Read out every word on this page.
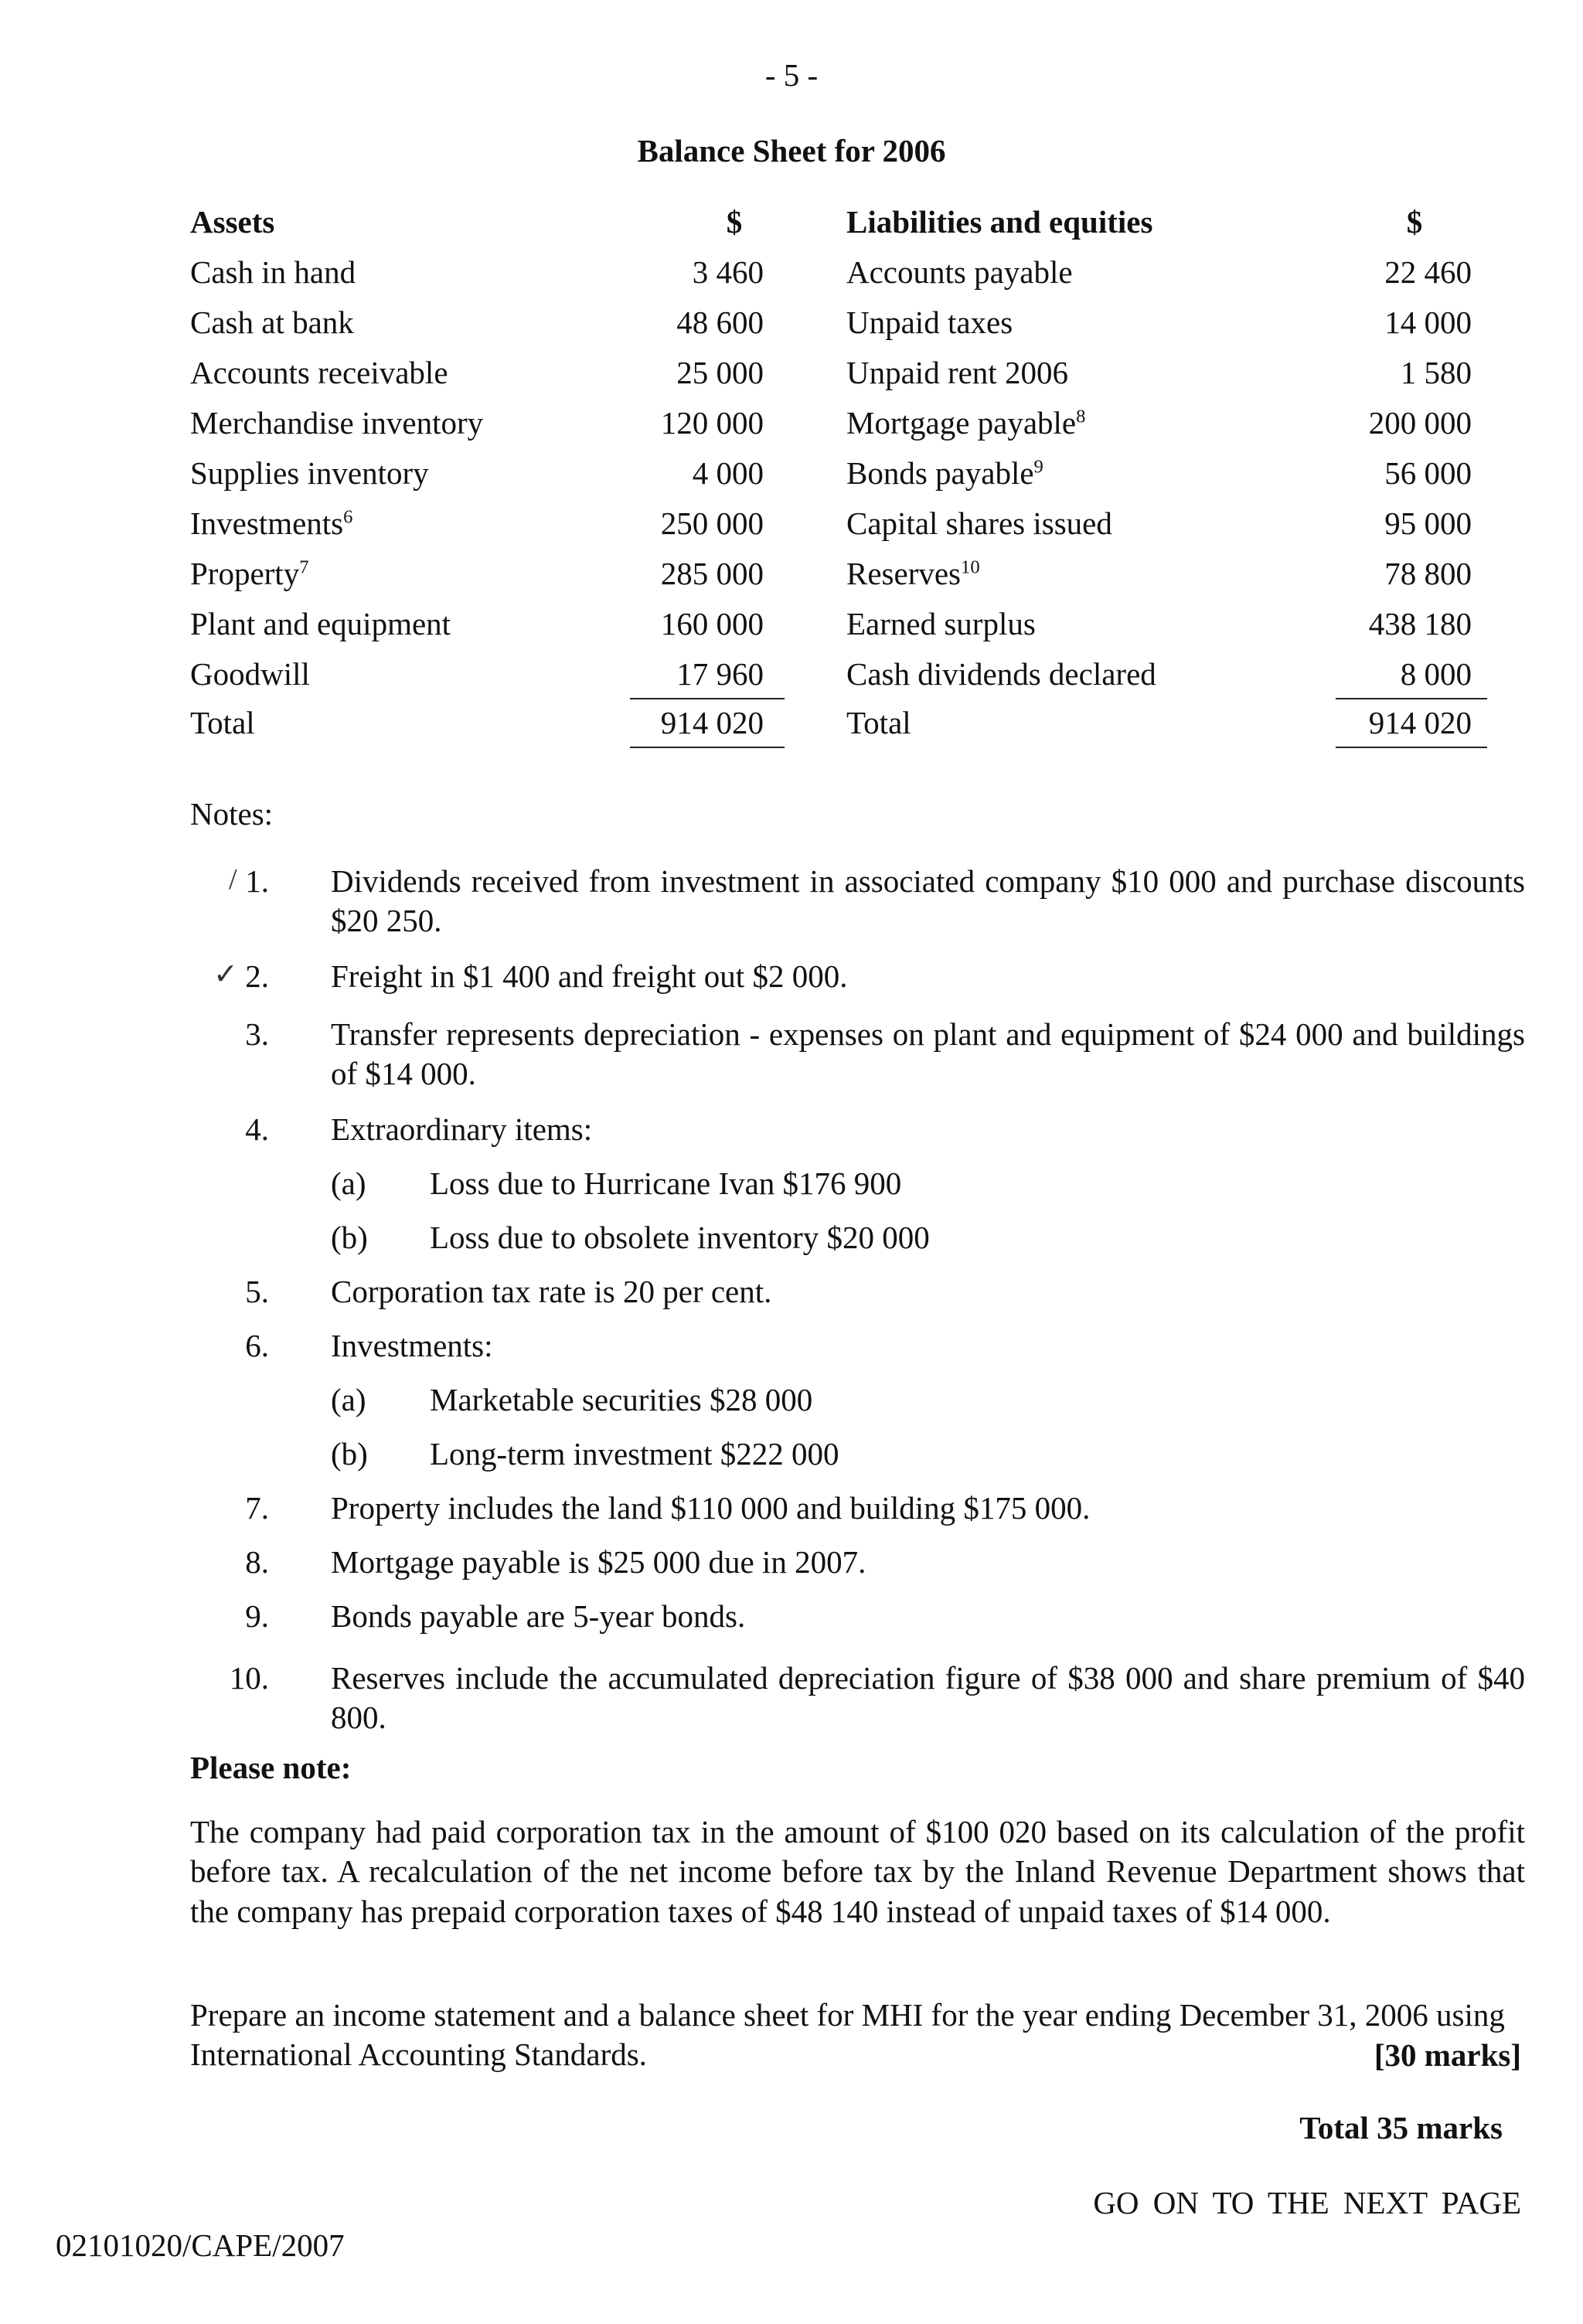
- 5 -
Balance Sheet for 2006
Assets	$	Liabilities and equities	$
Cash in hand	3 460	Accounts payable	22 460
Cash at bank	48 600	Unpaid taxes	14 000
Accounts receivable	25 000	Unpaid rent 2006	1 580
Merchandise inventory	120 000	Mortgage payable$^8$	200 000
Supplies inventory	4 000	Bonds payable$^9$	56 000
Investments$^6$	250 000	Capital shares issued	95 000
Property$^7$	285 000	Reserves$^{10}$	78 800
Plant and equipment	160 000	Earned surplus	438 180
Goodwill	17 960	Cash dividends declared	8 000
Total	914 020	Total	914 020
Notes:
/ 1. Dividends received from investment in associated company $10 000 and purchase discounts $20 250.
✓ 2. Freight in $1 400 and freight out $2 000.
3. Transfer represents depreciation - expenses on plant and equipment of $24 000 and buildings of $14 000.
4. Extraordinary items:
(a) Loss due to Hurricane Ivan $176 900
(b) Loss due to obsolete inventory $20 000
5. Corporation tax rate is 20 per cent.
6. Investments:
(a) Marketable securities $28 000
(b) Long-term investment $222 000
7. Property includes the land $110 000 and building $175 000.
8. Mortgage payable is $25 000 due in 2007.
9. Bonds payable are 5-year bonds.
10. Reserves include the accumulated depreciation figure of $38 000 and share premium of $40 800.
Please note:
The company had paid corporation tax in the amount of $100 020 based on its calculation of the profit before tax. A recalculation of the net income before tax by the Inland Revenue Department shows that the company has prepaid corporation taxes of $48 140 instead of unpaid taxes of $14 000.
Prepare an income statement and a balance sheet for MHI for the year ending December 31, 2006 using International Accounting Standards.	[30 marks]
Total 35 marks
GO ON TO THE NEXT PAGE
02101020/CAPE/2007
